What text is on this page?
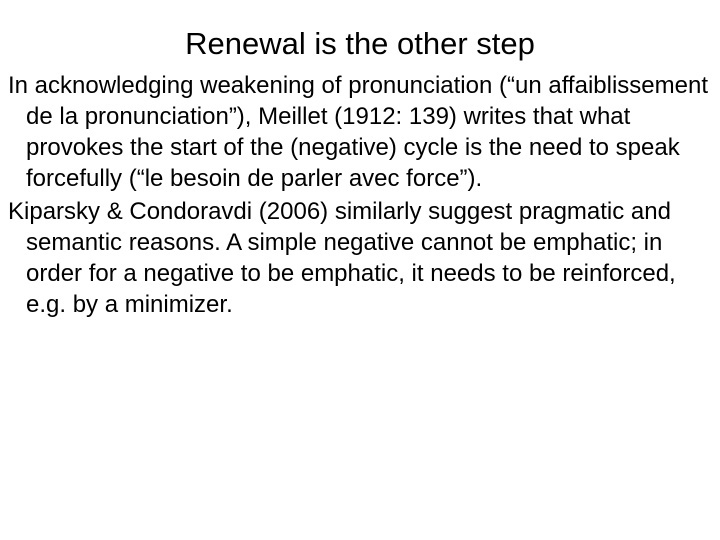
Renewal is the other step
In acknowledging weakening of pronunciation (“un affaiblissement de la pronunciation”), Meillet (1912: 139) writes that what provokes the start of the (negative) cycle is the need to speak forcefully (“le besoin de parler avec force”).
Kiparsky & Condoravdi (2006) similarly suggest pragmatic and semantic reasons. A simple negative cannot be emphatic; in order for a negative to be emphatic, it needs to be reinforced, e.g. by a minimizer.
